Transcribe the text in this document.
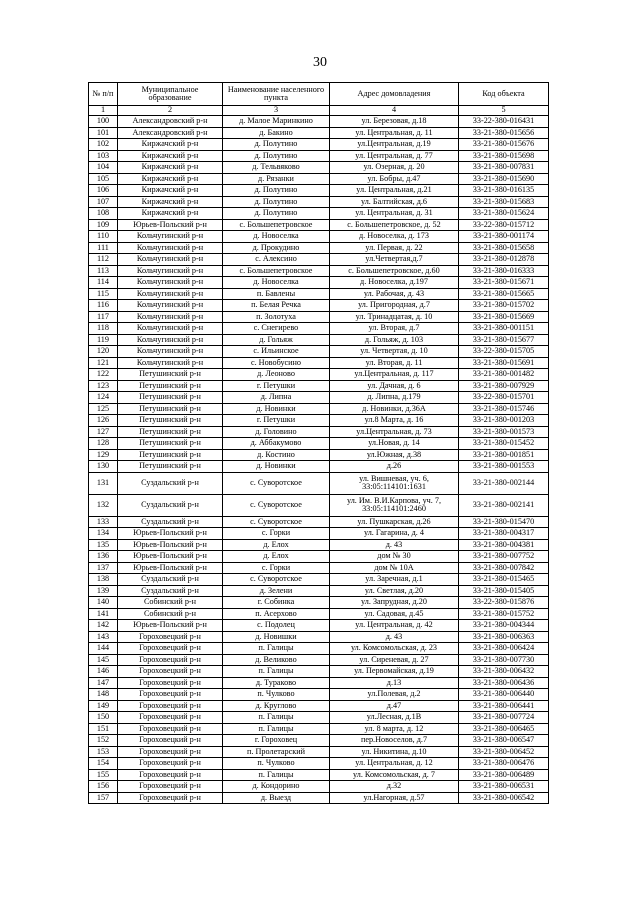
30
№ п/п	Муниципальное образование	Наименование населенного пункта	Адрес домовладения	Код объекта
1	2	3	4	5
100	Александровский р-н	д. Малое Маринкино	ул. Березовая, д.18	33-22-380-016431
101	Александровский р-н	д. Бакино	ул. Центральная, д. 11	33-21-380-015656
102	Киржачский р-н	д. Полутино	ул.Центральная, д.19	33-21-380-015676
103	Киржачский р-н	д. Полутино	ул. Центральная, д. 77	33-21-380-015698
104	Киржачский р-н	д. Тельвяково	ул. Озерная, д. 20	33-21-380-007831
105	Киржачский р-н	д. Рязанки	ул. Бобры, д.47	33-21-380-015690
106	Киржачский р-н	д. Полутино	ул. Центральная, д.21	33-21-380-016135
107	Киржачский р-н	д. Полутино	ул. Балтийская, д.6	33-21-380-015683
108	Киржачский р-н	д. Полутино	ул. Центральная, д. 31	33-21-380-015624
109	Юрьев-Польский р-н	с. Большепетровское	с. Большепетровское, д. 52	33-22-380-015712
110	Кольчугинский р-н	д. Новоселка	д. Новоселка, д. 173	33-21-380-001174
111	Кольчугинский р-н	д. Прокудино	ул. Первая, д. 22	33-21-380-015658
112	Кольчугинский р-н	с. Алексино	ул.Четвертая,д.7	33-21-380-012878
113	Кольчугинский р-н	с. Большепетровское	с. Большепетровское, д.60	33-21-380-016333
114	Кольчугинский р-н	д. Новоселка	д. Новоселка, д.197	33-21-380-015671
115	Кольчугинский р-н	п. Бавлены	ул. Рабочая, д. 43	33-21-380-015665
116	Кольчугинский р-н	п. Белая Речка	ул. Пригородная, д.7	33-21-380-015702
117	Кольчугинский р-н	п. Золотуха	ул. Тринадцатая, д. 10	33-21-380-015669
118	Кольчугинский р-н	с. Снегирево	ул. Вторая, д.7	33-21-380-001151
119	Кольчугинский р-н	д. Гольяж	д. Гольяж, д. 103	33-21-380-015677
120	Кольчугинский р-н	с. Ильинское	ул. Четвертая, д. 10	33-22-380-015705
121	Кольчугинский р-н	с. Новобусино	ул. Вторая, д. 11	33-21-380-015691
122	Петушинский р-н	д. Леоново	ул.Центральная, д. 117	33-21-380-001482
123	Петушинский р-н	г. Петушки	ул. Дачная, д. 6	33-21-380-007929
124	Петушинский р-н	д. Липна	д. Липна, д.179	33-22-380-015701
125	Петушинский р-н	д. Новинки	д. Новинки, д.36А	33-21-380-015746
126	Петушинский р-н	г. Петушки	ул.8 Марта, д. 16	33-21-380-001203
127	Петушинский р-н	д. Головино	ул.Центральная, д. 73	33-21-380-001573
128	Петушинский р-н	д. Аббакумово	ул.Новая, д. 14	33-21-380-015452
129	Петушинский р-н	д. Костино	ул.Южная, д.38	33-21-380-001851
130	Петушинский р-н	д. Новинки	д.26	33-21-380-001553
131	Суздальский р-н	с. Суворотское	ул. Вишневая, уч. 6, 33:05:114101:1631	33-21-380-002144
132	Суздальский р-н	с. Суворотское	ул. Им. В.И.Карпова, уч. 7, 33:05:114101:2460	33-21-380-002141
133	Суздальский р-н	с. Суворотское	ул. Пушкарская, д.26	33-21-380-015470
134	Юрьев-Польский р-н	с. Горки	ул. Гагарина, д. 4	33-21-380-004317
135	Юрьев-Польский р-н	д. Елох	д. 43	33-21-380-004381
136	Юрьев-Польский р-н	д. Елох	дом № 30	33-21-380-007752
137	Юрьев-Польский р-н	с. Горки	дом № 10А	33-21-380-007842
138	Суздальский р-н	с. Суворотское	ул. Заречная, д.1	33-21-380-015465
139	Суздальский р-н	д. Зелени	ул. Светлая, д.20	33-21-380-015405
140	Собинский р-н	г. Собинка	ул. Запрудная, д.20	33-22-380-015876
141	Собинский р-н	п. Асерхово	ул. Садовая, д.45	33-21-380-015752
142	Юрьев-Польский р-н	с. Подолец	ул. Центральная, д. 42	33-21-380-004344
143	Гороховецкий р-н	д. Новишки	д. 43	33-21-380-006363
144	Гороховецкий р-н	п. Галицы	ул. Комсомольская, д. 23	33-21-380-006424
145	Гороховецкий р-н	д. Великово	ул. Сиреневая, д. 27	33-21-380-007730
146	Гороховецкий р-н	п. Галицы	ул. Первомайская, д.19	33-21-380-006432
147	Гороховецкий р-н	д. Тураково	д.13	33-21-380-006436
148	Гороховецкий р-н	п. Чулково	ул.Полевая, д.2	33-21-380-006440
149	Гороховецкий р-н	д. Круглово	д.47	33-21-380-006441
150	Гороховецкий р-н	п. Галицы	ул.Лесная, д.1В	33-21-380-007724
151	Гороховецкий р-н	п. Галицы	ул. 8 марта, д. 12	33-21-380-006465
152	Гороховецкий р-н	г. Гороховец	пер.Новоселов, д.7	33-21-380-006547
153	Гороховецкий р-н	п. Пролетарский	ул. Никитина, д.10	33-21-380-006452
154	Гороховецкий р-н	п. Чулково	ул. Центральная, д. 12	33-21-380-006476
155	Гороховецкий р-н	п. Галицы	ул. Комсомольская, д. 7	33-21-380-006489
156	Гороховецкий р-н	д. Кондорино	д.32	33-21-380-006531
157	Гороховецкий р-н	д. Выезд	ул.Нагорная, д.57	33-21-380-006542
